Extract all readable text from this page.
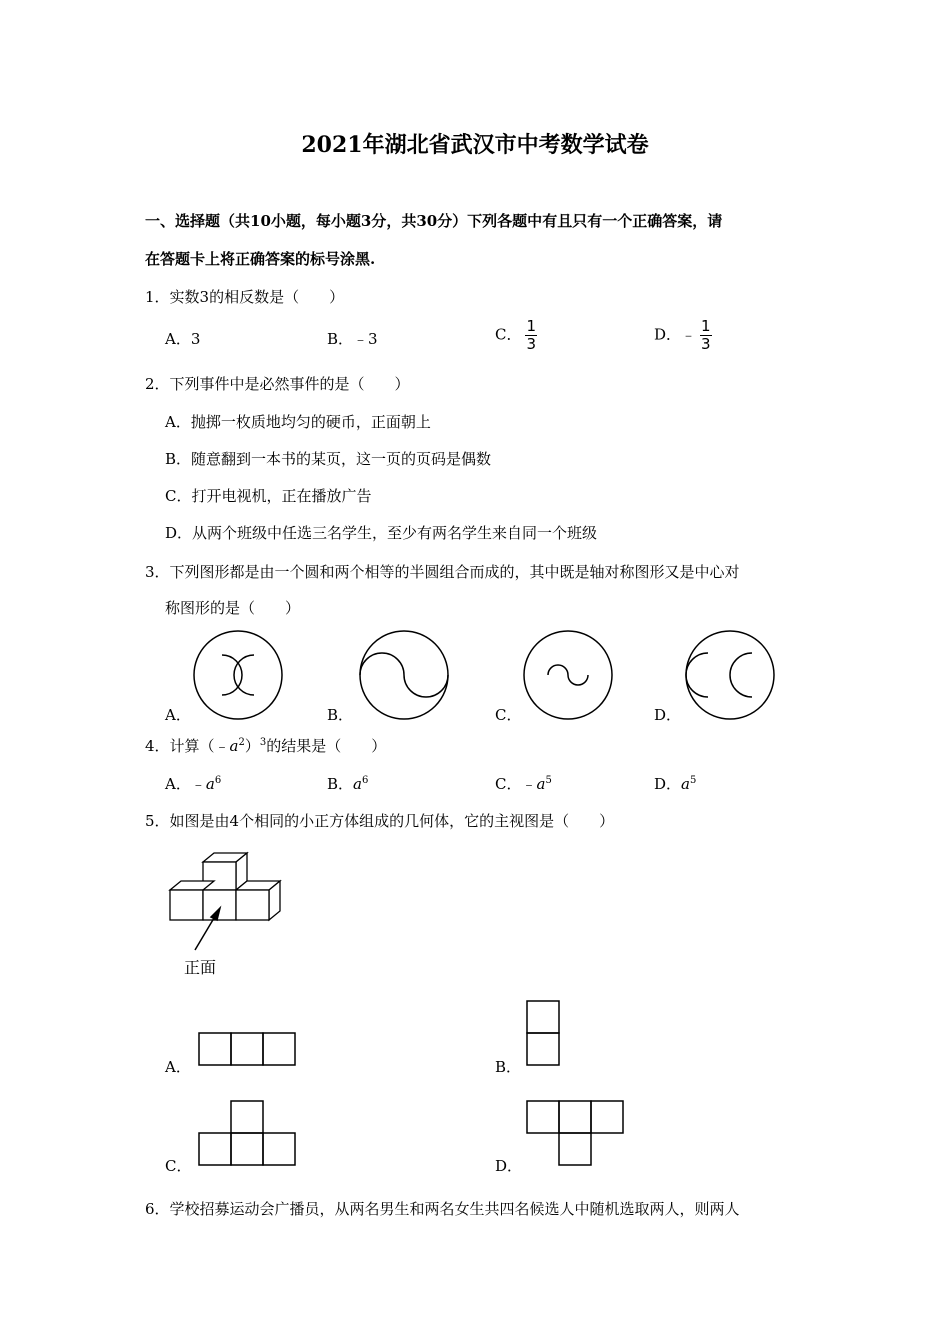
2021年湖北省武汉市中考数学试卷
一、选择题（共10小题，每小题3分，共30分）下列各题中有且只有一个正确答案，请
在答题卡上将正确答案的标号涂黑.
1．实数3的相反数是（　　）
A．3	B．﹣3	C． $\frac{1}{3}$	D．﹣ $\frac{1}{3}$
2．下列事件中是必然事件的是（　　）
A．抛掷一枚质地均匀的硬币，正面朝上
B．随意翻到一本书的某页，这一页的页码是偶数
C．打开电视机，正在播放广告
D．从两个班级中任选三名学生，至少有两名学生来自同一个班级
3．下列图形都是由一个圆和两个相等的半圆组合而成的，其中既是轴对称图形又是中心对
称图形的是（　　）
A．	B．	C．	D．
4．计算$(﹣a^2)^3$的结果是（　　）
A．$﹣a^6$	B．$a^6$	C．$﹣a^5$	D．$a^5$
5．如图是由4个相同的小正方体组成的几何体，它的主视图是（　　）
正面
A．	B．
C．	D．
6．学校招募运动会广播员，从两名男生和两名女生共四名候选人中随机选取两人，则两人
